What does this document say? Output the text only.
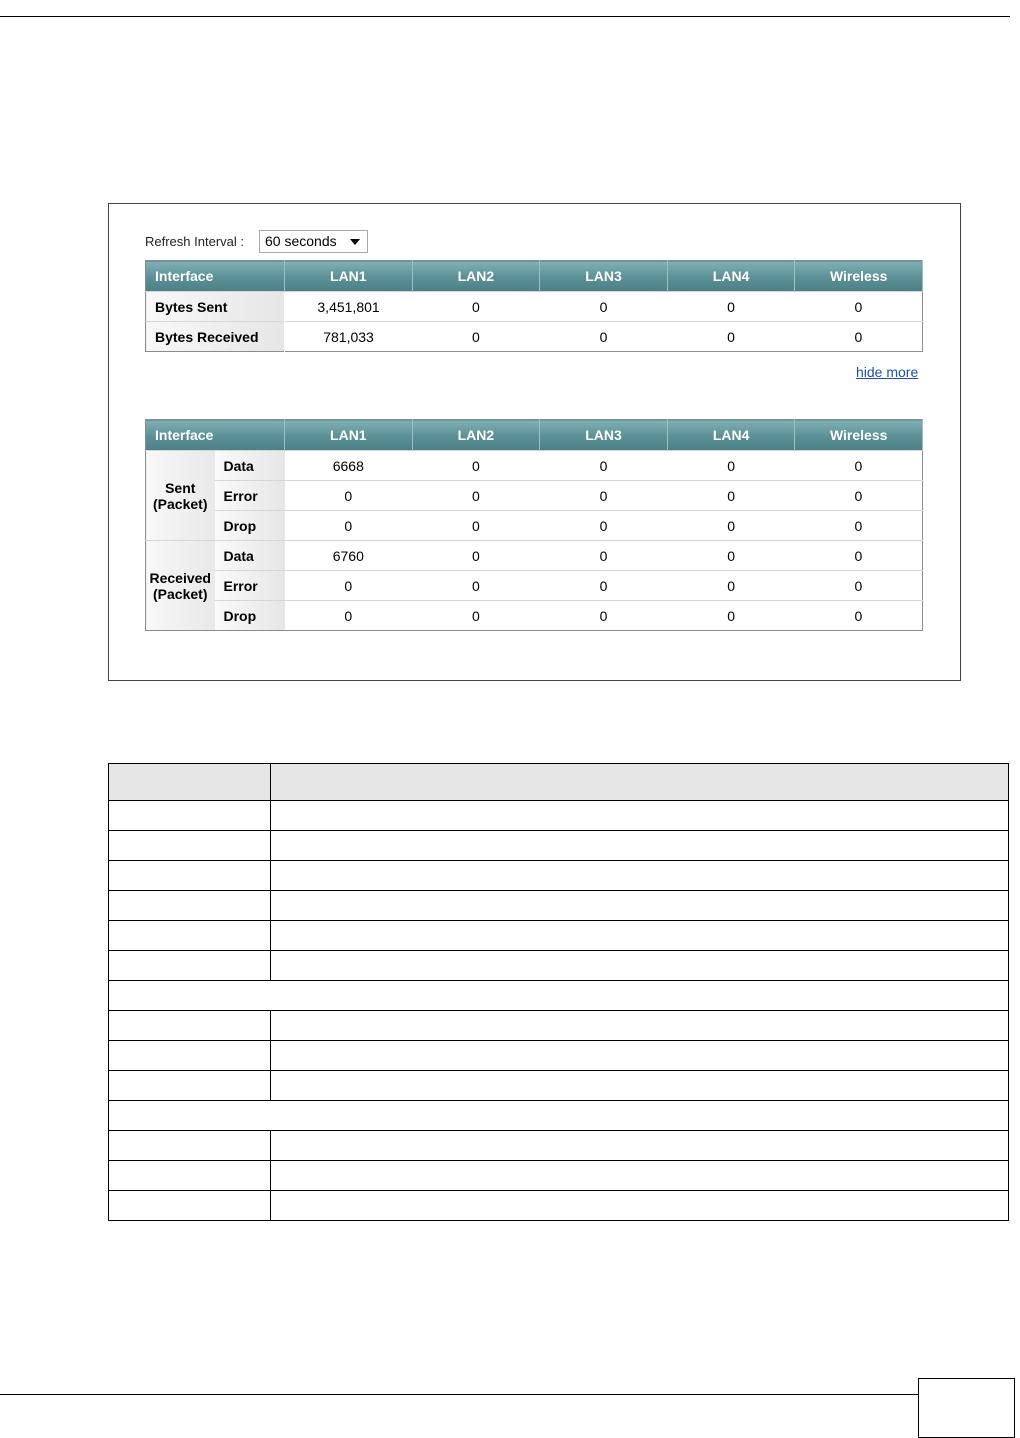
Refresh Interval :	60 seconds
Interface	LAN1	LAN2	LAN3	LAN4	Wireless
Bytes Sent	3,451,801	0	0	0	0
Bytes Received	781,033	0	0	0	0
hide more
Interface		LAN1	LAN2	LAN3	LAN4	Wireless
Sent (Packet)	Data	6668	0	0	0	0
	Error	0	0	0	0	0
	Drop	0	0	0	0	0
Received (Packet)	Data	6760	0	0	0	0
	Error	0	0	0	0	0
	Drop	0	0	0	0	0
